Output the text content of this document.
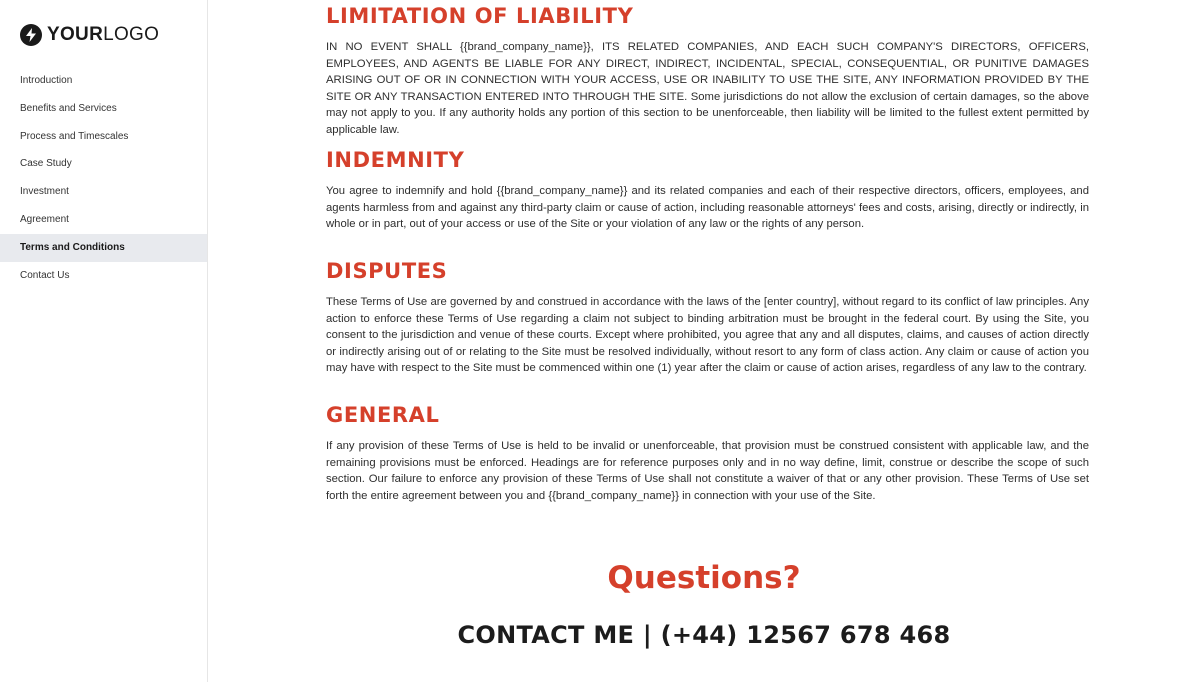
YOURLOGO
Introduction
Benefits and Services
Process and Timescales
Case Study
Investment
Agreement
Terms and Conditions
Contact Us
LIMITATION OF LIABILITY

IN NO EVENT SHALL {{brand_company_name}}, ITS RELATED COMPANIES, AND EACH SUCH COMPANY'S DIRECTORS, OFFICERS, EMPLOYEES, AND AGENTS BE LIABLE FOR ANY DIRECT, INDIRECT, INCIDENTAL, SPECIAL, CONSEQUENTIAL, OR PUNITIVE DAMAGES ARISING OUT OF OR IN CONNECTION WITH YOUR ACCESS, USE OR INABILITY TO USE THE SITE, ANY INFORMATION PROVIDED BY THE SITE OR ANY TRANSACTION ENTERED INTO THROUGH THE SITE. Some jurisdictions do not allow the exclusion of certain damages, so the above may not apply to you. If any authority holds any portion of this section to be unenforceable, then liability will be limited to the fullest extent permitted by applicable law.

INDEMNITY

You agree to indemnify and hold {{brand_company_name}} and its related companies and each of their respective directors, officers, employees, and agents harmless from and against any third-party claim or cause of action, including reasonable attorneys' fees and costs, arising, directly or indirectly, in whole or in part, out of your access or use of the Site or your violation of any law or the rights of any person.

DISPUTES

These Terms of Use are governed by and construed in accordance with the laws of the [enter country], without regard to its conflict of law principles. Any action to enforce these Terms of Use regarding a claim not subject to binding arbitration must be brought in the federal court. By using the Site, you consent to the jurisdiction and venue of these courts. Except where prohibited, you agree that any and all disputes, claims, and causes of action directly or indirectly arising out of or relating to the Site must be resolved individually, without resort to any form of class action. Any claim or cause of action you may have with respect to the Site must be commenced within one (1) year after the claim or cause of action arises, regardless of any law to the contrary.

GENERAL

If any provision of these Terms of Use is held to be invalid or unenforceable, that provision must be construed consistent with applicable law, and the remaining provisions must be enforced. Headings are for reference purposes only and in no way define, limit, construe or describe the scope of such section. Our failure to enforce any provision of these Terms of Use shall not constitute a waiver of that or any other provision. These Terms of Use set forth the entire agreement between you and {{brand_company_name}} in connection with your use of the Site.

Questions?
CONTACT ME | (+44) 12567 678 468
